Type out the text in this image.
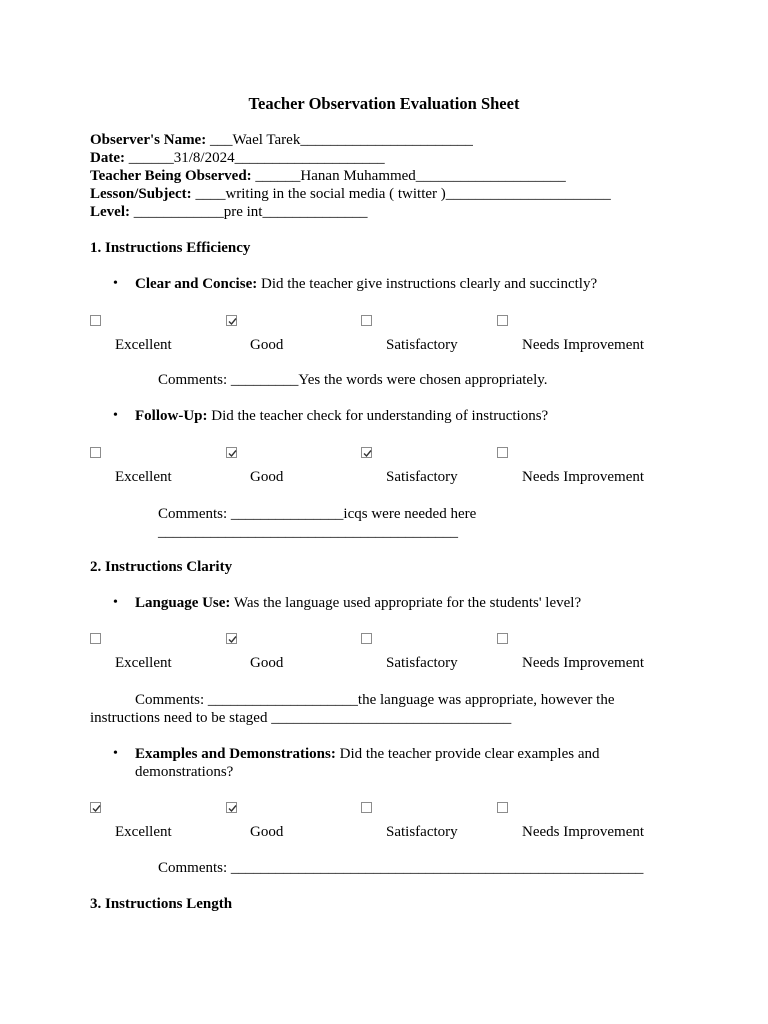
Teacher Observation Evaluation Sheet
Observer's Name: ___Wael Tarek_______________________
Date: ______31/8/2024____________________
Teacher Being Observed: ______Hanan Muhammed____________________
Lesson/Subject: ____writing in the social media ( twitter )______________________
Level: ____________pre int______________
1. Instructions Efficiency
• Clear and Concise: Did the teacher give instructions clearly and succinctly?
Comments: _________Yes the words were chosen appropriately.
• Follow-Up: Did the teacher check for understanding of instructions?
Comments: _______________icqs were needed here
________________________________________
2. Instructions Clarity
• Language Use: Was the language used appropriate for the students' level?
Comments: ____________________the language was appropriate, however the
instructions need to be staged ________________________________
• Examples and Demonstrations: Did the teacher provide clear examples and
demonstrations?
Comments: _______________________________________________________
3. Instructions Length
Excellent	Good	Satisfactory	Needs Improvement
Excellent	Good	Satisfactory	Needs Improvement
Excellent	Good	Satisfactory	Needs Improvement
Excellent	Good	Satisfactory	Needs Improvement
